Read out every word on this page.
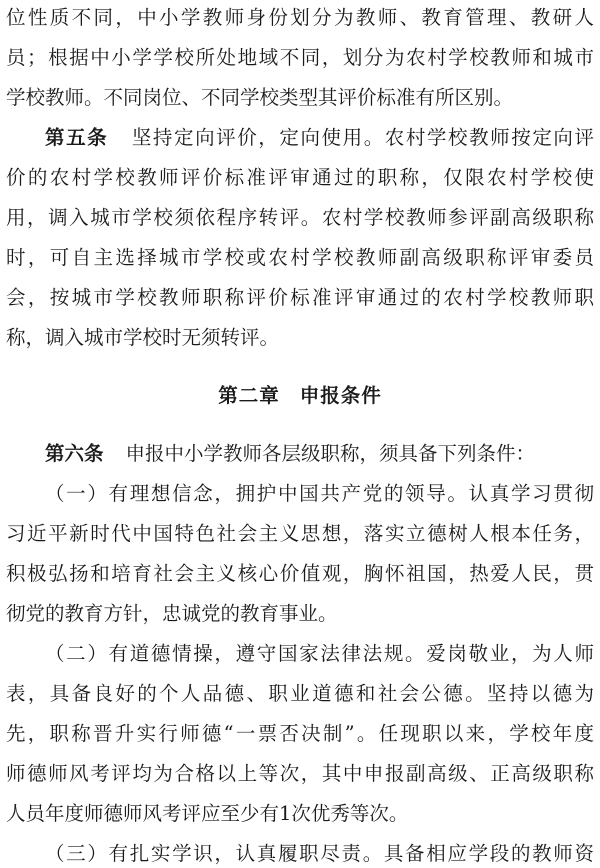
位性质不同，中小学教师身份划分为教师、教育管理、教研人
员；根据中小学学校所处地域不同，划分为农村学校教师和城市
学校教师。不同岗位、不同学校类型其评价标准有所区别。
第五条 坚持定向评价，定向使用。农村学校教师按定向评
价的农村学校教师评价标准评审通过的职称，仅限农村学校使
用，调入城市学校须依程序转评。农村学校教师参评副高级职称
时，可自主选择城市学校或农村学校教师副高级职称评审委员
会，按城市学校教师职称评价标准评审通过的农村学校教师职
称，调入城市学校时无须转评。
第二章 申报条件
第六条 申报中小学教师各层级职称，须具备下列条件：
（一）有理想信念，拥护中国共产党的领导。认真学习贯彻
习近平新时代中国特色社会主义思想，落实立德树人根本任务，
积极弘扬和培育社会主义核心价值观，胸怀祖国，热爱人民，贯
彻党的教育方针，忠诚党的教育事业。
（二）有道德情操，遵守国家法律法规。爱岗敬业，为人师
表，具备良好的个人品德、职业道德和社会公德。坚持以德为
先，职称晋升实行师德“一票否决制”。任现职以来，学校年度
师德师风考评均为合格以上等次，其中申报副高级、正高级职称
人员年度师德师风考评应至少有1次优秀等次。
（三）有扎实学识，认真履职尽责。具备相应学段的教师资
